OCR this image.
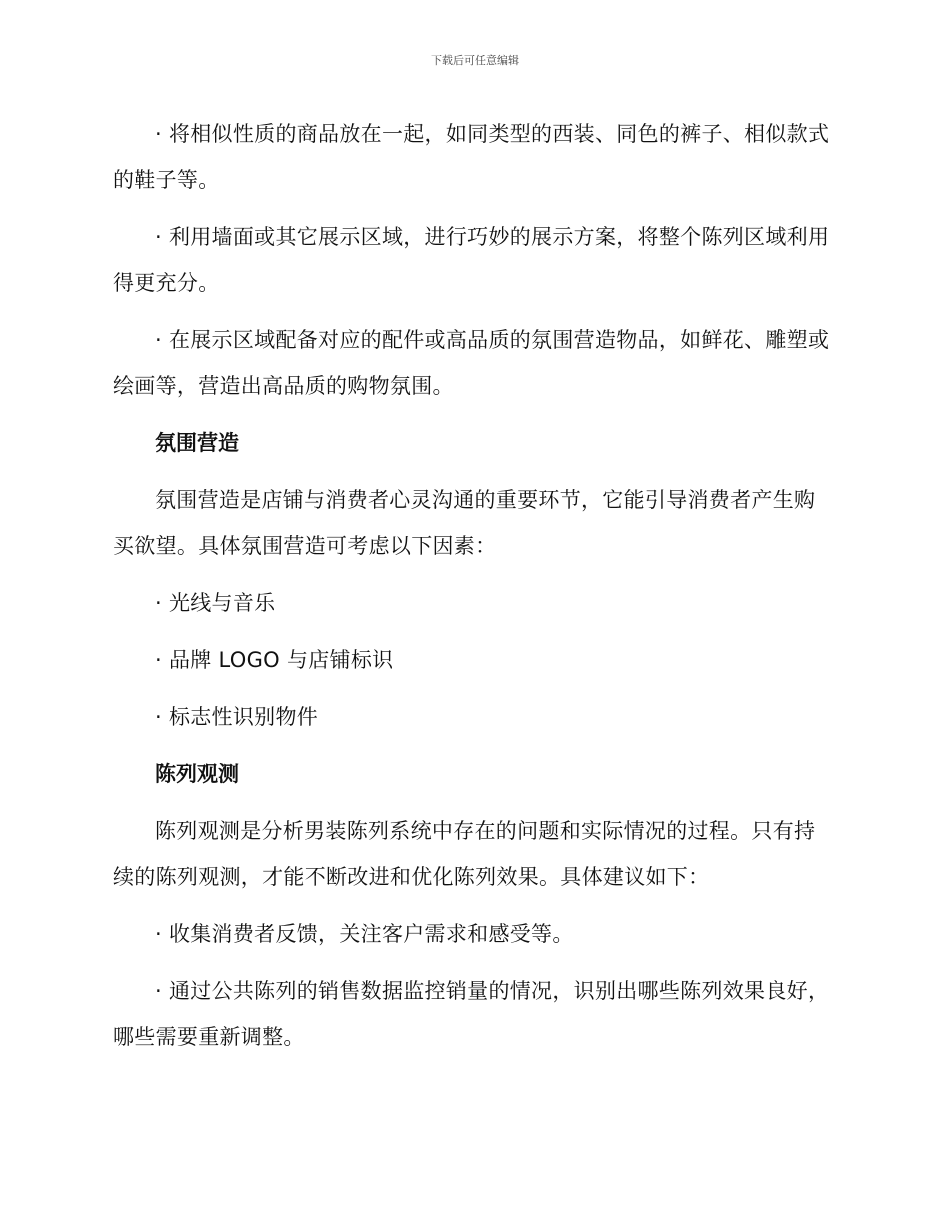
下载后可任意编辑

· 将相似性质的商品放在一起，如同类型的西装、同色的裤子、相似款式的鞋子等。

· 利用墙面或其它展示区域，进行巧妙的展示方案，将整个陈列区域利用得更充分。

· 在展示区域配备对应的配件或高品质的氛围营造物品，如鲜花、雕塑或绘画等，营造出高品质的购物氛围。

氛围营造

氛围营造是店铺与消费者心灵沟通的重要环节，它能引导消费者产生购买欲望。具体氛围营造可考虑以下因素：

· 光线与音乐

· 品牌 LOGO 与店铺标识

· 标志性识别物件

陈列观测

陈列观测是分析男装陈列系统中存在的问题和实际情况的过程。只有持续的陈列观测，才能不断改进和优化陈列效果。具体建议如下：

· 收集消费者反馈，关注客户需求和感受等。

· 通过公共陈列的销售数据监控销量的情况，识别出哪些陈列效果良好，哪些需要重新调整。
